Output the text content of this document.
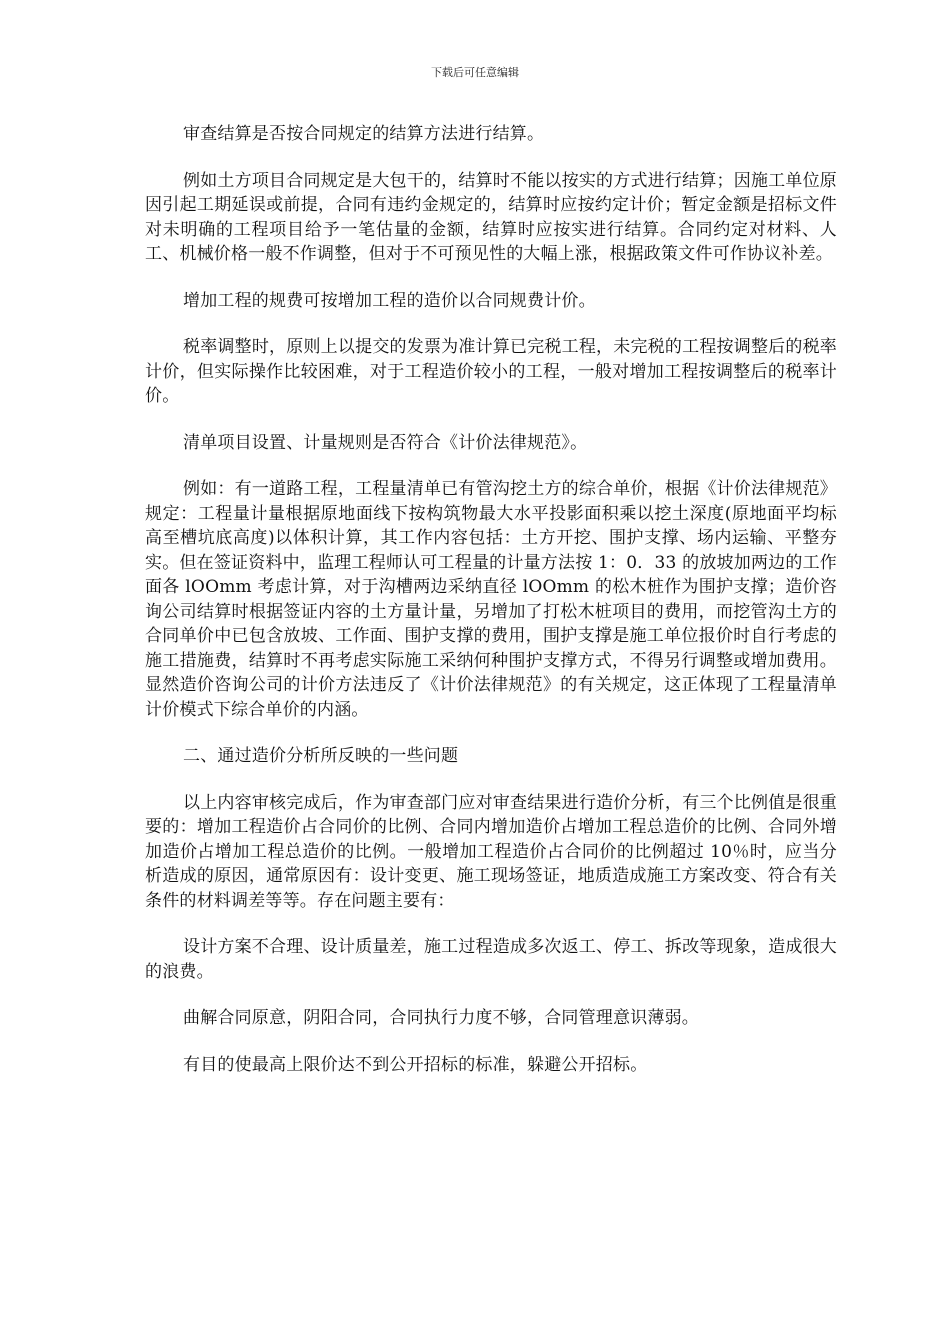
下载后可任意编辑

审查结算是否按合同规定的结算方法进行结算。

例如土方项目合同规定是大包干的，结算时不能以按实的方式进行结算；因施工单位原因引起工期延误或前提，合同有违约金规定的，结算时应按约定计价；暂定金额是招标文件对未明确的工程项目给予一笔估量的金额，结算时应按实进行结算。合同约定对材料、人工、机械价格一般不作调整，但对于不可预见性的大幅上涨，根据政策文件可作协议补差。

增加工程的规费可按增加工程的造价以合同规费计价。

税率调整时，原则上以提交的发票为准计算已完税工程，未完税的工程按调整后的税率计价，但实际操作比较困难，对于工程造价较小的工程，一般对增加工程按调整后的税率计价。

清单项目设置、计量规则是否符合《计价法律规范》。

例如：有一道路工程，工程量清单已有管沟挖土方的综合单价，根据《计价法律规范》规定：工程量计量根据原地面线下按构筑物最大水平投影面积乘以挖土深度(原地面平均标高至槽坑底高度)以体积计算，其工作内容包括：土方开挖、围护支撑、场内运输、平整夯实。但在签证资料中，监理工程师认可工程量的计量方法按 1：0．33 的放坡加两边的工作面各 lOOmm 考虑计算，对于沟槽两边采纳直径 lOOmm 的松木桩作为围护支撑；造价咨询公司结算时根据签证内容的土方量计量，另增加了打松木桩项目的费用，而挖管沟土方的合同单价中已包含放坡、工作面、围护支撑的费用，围护支撑是施工单位报价时自行考虑的施工措施费，结算时不再考虑实际施工采纳何种围护支撑方式，不得另行调整或增加费用。显然造价咨询公司的计价方法违反了《计价法律规范》的有关规定，这正体现了工程量清单计价模式下综合单价的内涵。

二、通过造价分析所反映的一些问题

以上内容审核完成后，作为审查部门应对审查结果进行造价分析，有三个比例值是很重要的：增加工程造价占合同价的比例、合同内增加造价占增加工程总造价的比例、合同外增加造价占增加工程总造价的比例。一般增加工程造价占合同价的比例超过 10％时，应当分析造成的原因，通常原因有：设计变更、施工现场签证，地质造成施工方案改变、符合有关条件的材料调差等等。存在问题主要有：

设计方案不合理、设计质量差，施工过程造成多次返工、停工、拆改等现象，造成很大的浪费。

曲解合同原意，阴阳合同，合同执行力度不够，合同管理意识薄弱。

有目的使最高上限价达不到公开招标的标准，躲避公开招标。
